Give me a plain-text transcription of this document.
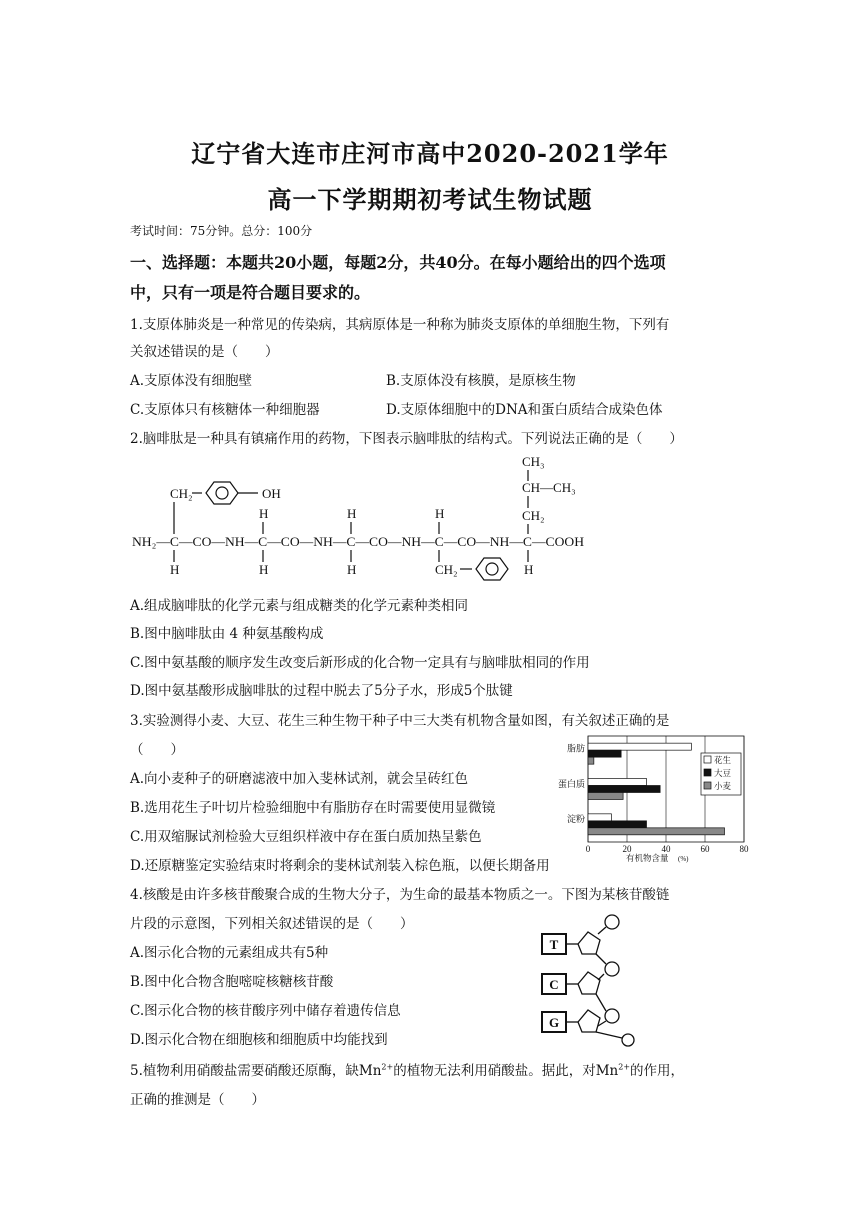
辽宁省大连市庄河市高中2020-2021学年
高一下学期期初考试生物试题
考试时间：75分钟。总分：100分
一、选择题：本题共20小题，每题2分，共40分。在每小题给出的四个选项
中，只有一项是符合题目要求的。
1.支原体肺炎是一种常见的传染病，其病原体是一种称为肺炎支原体的单细胞生物，下列有
关叙述错误的是（　　）
A.支原体没有细胞壁	B.支原体没有核膜，是原核生物
C.支原体只有核糖体一种细胞器	D.支原体细胞中的DNA和蛋白质结合成染色体
2.脑啡肽是一种具有镇痛作用的药物，下图表示脑啡肽的结构式。下列说法正确的是（　　）
NH₂—C—CO—NH—C—CO—NH—C—CO—NH—C—CO—NH—C—COOH
H	H	H	H
H	H	H
CH₂	OH
CH₂
CH₃
CH—CH₃
CH₂
A.组成脑啡肽的化学元素与组成糖类的化学元素种类相同
B.图中脑啡肽由 4 种氨基酸构成
C.图中氨基酸的顺序发生改变后新形成的化合物一定具有与脑啡肽相同的作用
D.图中氨基酸形成脑啡肽的过程中脱去了5分子水，形成5个肽键
3.实验测得小麦、大豆、花生三种生物干种子中三大类有机物含量如图，有关叙述正确的是
（　　）
A.向小麦种子的研磨滤液中加入斐林试剂，就会呈砖红色
B.选用花生子叶切片检验细胞中有脂肪存在时需要使用显微镜
C.用双缩脲试剂检验大豆组织样液中存在蛋白质加热呈紫色
D.还原糖鉴定实验结束时将剩余的斐林试剂装入棕色瓶，以便长期备用
脂肪
蛋白质
淀粉
0	20	40	60	80
有机物含量 (%)
花生
大豆
小麦
4.核酸是由许多核苷酸聚合成的生物大分子，为生命的最基本物质之一。下图为某核苷酸链
片段的示意图，下列相关叙述错误的是（　　）
A.图示化合物的元素组成共有5种
B.图中化合物含胞嘧啶核糖核苷酸
C.图示化合物的核苷酸序列中储存着遗传信息
D.图示化合物在细胞核和细胞质中均能找到
T
C
G
5.植物利用硝酸盐需要硝酸还原酶，缺$Mn^{2+}$的植物无法利用硝酸盐。据此，对$Mn^{2+}$的作用，
正确的推测是（　　）
